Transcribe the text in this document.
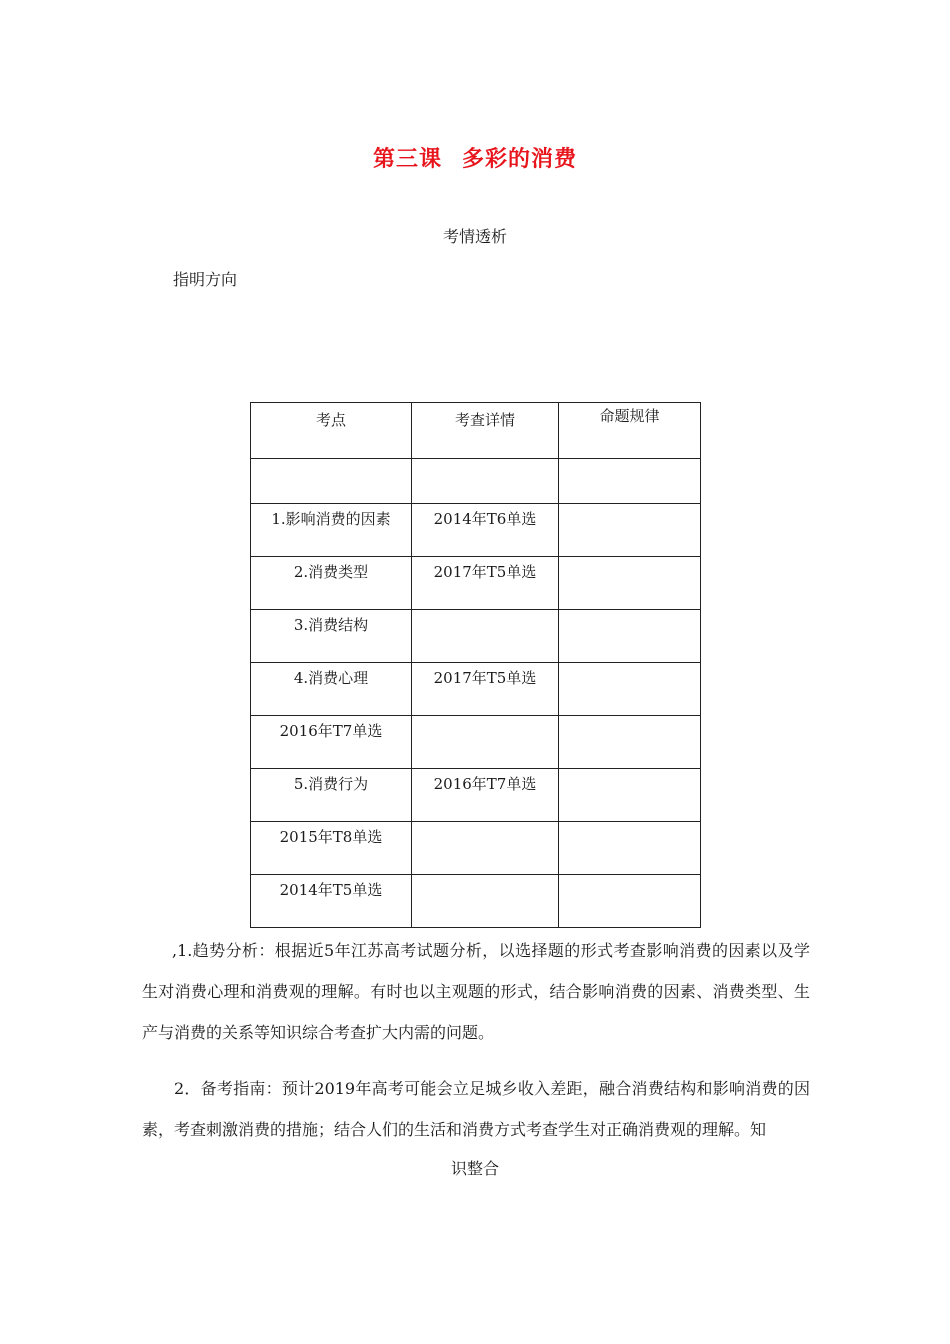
第三课 多彩的消费
考情透析
指明方向
考点	考查详情	命题规律

1.影响消费的因素	2014年T6单选	
2.消费类型	2017年T5单选	
3.消费结构		
4.消费心理	2017年T5单选	
2016年T7单选		
5.消费行为	2016年T7单选	
2015年T8单选		
2014年T5单选		
,1.趋势分析：根据近5年江苏高考试题分析，以选择题的形式考查影响消费的因素以及学生对消费心理和消费观的理解。有时也以主观题的形式，结合影响消费的因素、消费类型、生产与消费的关系等知识综合考查扩大内需的问题。
2．备考指南：预计2019年高考可能会立足城乡收入差距，融合消费结构和影响消费的因素，考查刺激消费的措施；结合人们的生活和消费方式考查学生对正确消费观的理解。知
识整合
